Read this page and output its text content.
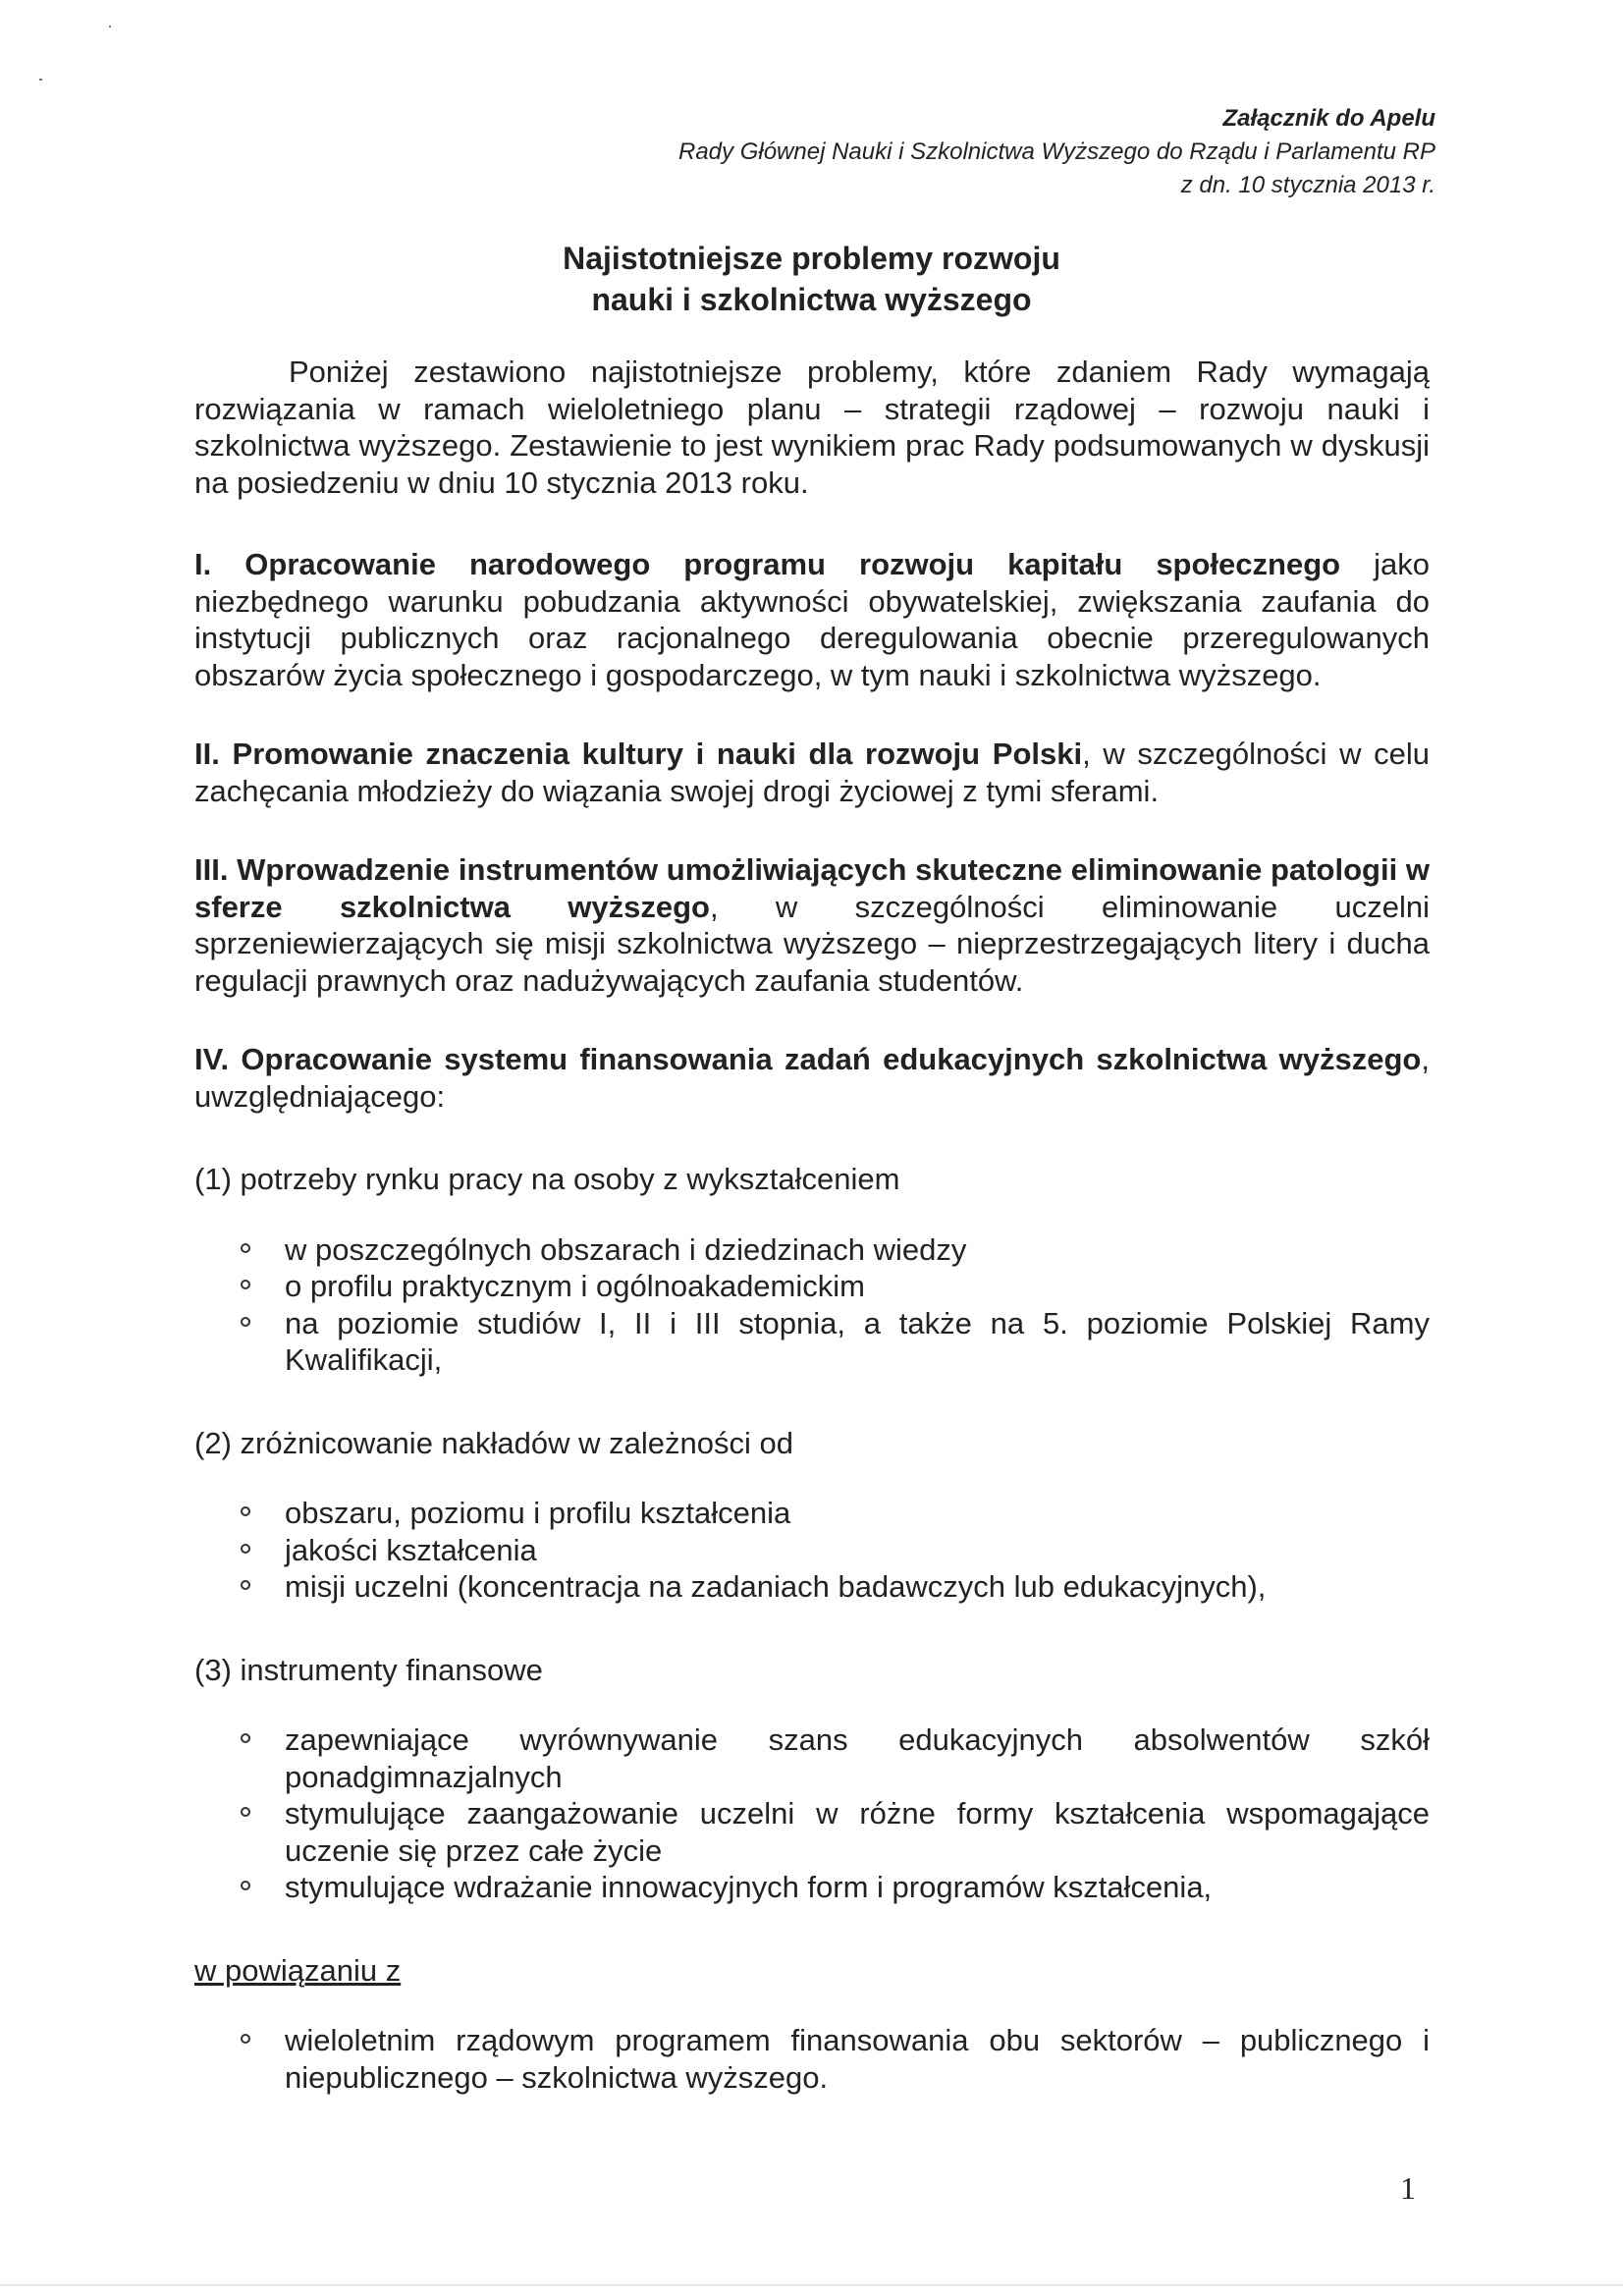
Załącznik do Apelu
Rady Głównej Nauki i Szkolnictwa Wyższego do Rządu i Parlamentu RP
z dn. 10 stycznia 2013 r.
Najistotniejsze problemy rozwoju
nauki i szkolnictwa wyższego

Poniżej zestawiono najistotniejsze problemy, które zdaniem Rady wymagają rozwiązania w ramach wieloletniego planu – strategii rządowej – rozwoju nauki i szkolnictwa wyższego. Zestawienie to jest wynikiem prac Rady podsumowanych w dyskusji na posiedzeniu w dniu 10 stycznia 2013 roku.

I. Opracowanie narodowego programu rozwoju kapitału społecznego jako niezbędnego warunku pobudzania aktywności obywatelskiej, zwiększania zaufania do instytucji publicznych oraz racjonalnego deregulowania obecnie przeregulowanych obszarów życia społecznego i gospodarczego, w tym nauki i szkolnictwa wyższego.

II. Promowanie znaczenia kultury i nauki dla rozwoju Polski, w szczególności w celu zachęcania młodzieży do wiązania swojej drogi życiowej z tymi sferami.

III. Wprowadzenie instrumentów umożliwiających skuteczne eliminowanie patologii w sferze szkolnictwa wyższego, w szczególności eliminowanie uczelni sprzeniewierzających się misji szkolnictwa wyższego – nieprzestrzegających litery i ducha regulacji prawnych oraz nadużywających zaufania studentów.

IV. Opracowanie systemu finansowania zadań edukacyjnych szkolnictwa wyższego, uwzględniającego:

(1) potrzeby rynku pracy na osoby z wykształceniem

w poszczególnych obszarach i dziedzinach wiedzy
o profilu praktycznym i ogólnoakademickim
na poziomie studiów I, II i III stopnia, a także na 5. poziomie Polskiej Ramy Kwalifikacji,

(2) zróżnicowanie nakładów w zależności od

obszaru, poziomu i profilu kształcenia
jakości kształcenia
misji uczelni (koncentracja na zadaniach badawczych lub edukacyjnych),

(3) instrumenty finansowe

zapewniające wyrównywanie szans edukacyjnych absolwentów szkół ponadgimnazjalnych
stymulujące zaangażowanie uczelni w różne formy kształcenia wspomagające uczenie się przez całe życie
stymulujące wdrażanie innowacyjnych form i programów kształcenia,

w powiązaniu z

wieloletnim rządowym programem finansowania obu sektorów – publicznego i niepublicznego – szkolnictwa wyższego.
1
